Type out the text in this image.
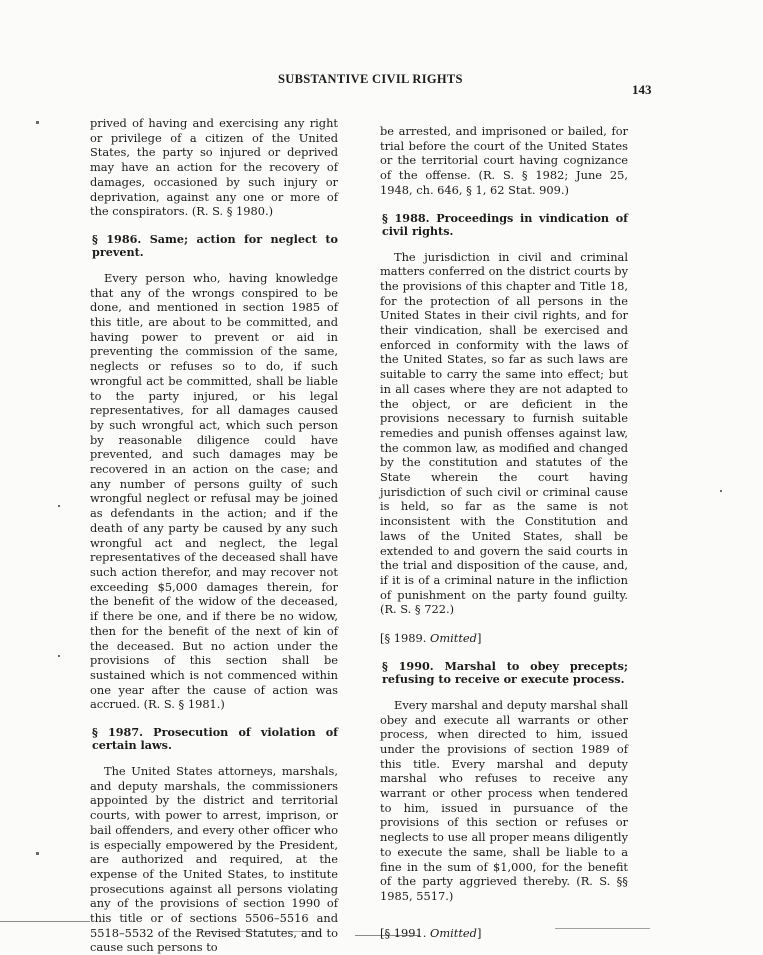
SUBSTANTIVE CIVIL RIGHTS
143

prived of having and exercising any right or privilege of a citizen of the United States, the party so injured or deprived may have an action for the recovery of damages, occasioned by such injury or deprivation, against any one or more of the conspirators. (R. S. § 1980.)

§ 1986. Same; action for neglect to prevent.

Every person who, having knowledge that any of the wrongs conspired to be done, and mentioned in section 1985 of this title, are about to be committed, and having power to prevent or aid in preventing the commission of the same, neglects or refuses so to do, if such wrongful act be committed, shall be liable to the party injured, or his legal representatives, for all damages caused by such wrongful act, which such person by reasonable diligence could have prevented, and such damages may be recovered in an action on the case; and any number of persons guilty of such wrongful neglect or refusal may be joined as defendants in the action; and if the death of any party be caused by any such wrongful act and neglect, the legal representatives of the deceased shall have such action therefor, and may recover not exceeding $5,000 damages therein, for the benefit of the widow of the deceased, if there be one, and if there be no widow, then for the benefit of the next of kin of the deceased. But no action under the provisions of this section shall be sustained which is not commenced within one year after the cause of action was accrued. (R. S. § 1981.)

§ 1987. Prosecution of violation of certain laws.

The United States attorneys, marshals, and deputy marshals, the commissioners appointed by the district and territorial courts, with power to arrest, imprison, or bail offenders, and every other officer who is especially empowered by the President, are authorized and required, at the expense of the United States, to institute prosecutions against all persons violating any of the provisions of section 1990 of this title or of sections 5506–5516 and 5518–5532 of the Revised Statutes, and to cause such persons to

be arrested, and imprisoned or bailed, for trial before the court of the United States or the territorial court having cognizance of the offense. (R. S. § 1982; June 25, 1948, ch. 646, § 1, 62 Stat. 909.)

§ 1988. Proceedings in vindication of civil rights.

The jurisdiction in civil and criminal matters conferred on the district courts by the provisions of this chapter and Title 18, for the protection of all persons in the United States in their civil rights, and for their vindication, shall be exercised and enforced in conformity with the laws of the United States, so far as such laws are suitable to carry the same into effect; but in all cases where they are not adapted to the object, or are deficient in the provisions necessary to furnish suitable remedies and punish offenses against law, the common law, as modified and changed by the constitution and statutes of the State wherein the court having jurisdiction of such civil or criminal cause is held, so far as the same is not inconsistent with the Constitution and laws of the United States, shall be extended to and govern the said courts in the trial and disposition of the cause, and, if it is of a criminal nature in the infliction of punishment on the party found guilty. (R. S. § 722.)

[§ 1989. Omitted]

§ 1990. Marshal to obey precepts; refusing to receive or execute process.

Every marshal and deputy marshal shall obey and execute all warrants or other process, when directed to him, issued under the provisions of section 1989 of this title. Every marshal and deputy marshal who refuses to receive any warrant or other process when tendered to him, issued in pursuance of the provisions of this section or refuses or neglects to use all proper means diligently to execute the same, shall be liable to a fine in the sum of $1,000, for the benefit of the party aggrieved thereby. (R. S. §§ 1985, 5517.)

[§ 1991. Omitted]
